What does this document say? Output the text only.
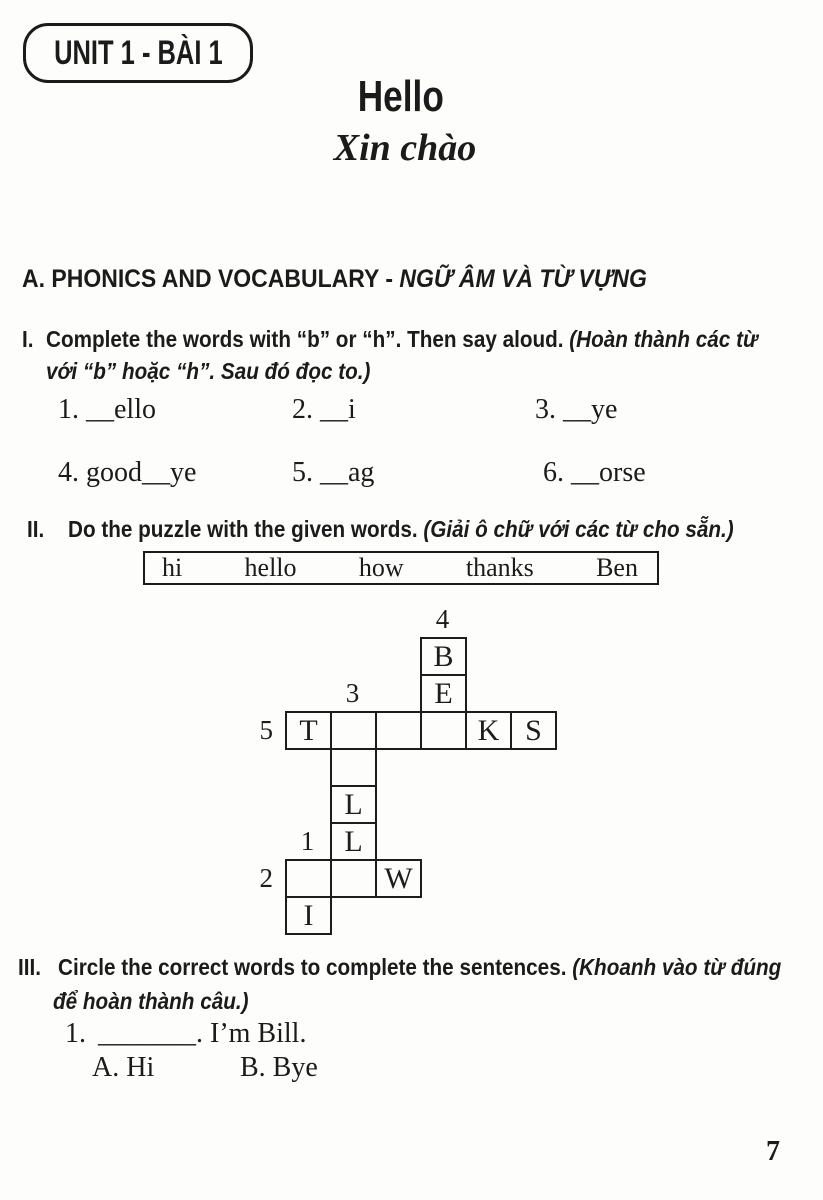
UNIT 1 - BÀI 1
Hello
Xin chào
A. PHONICS AND VOCABULARY - NGỮ ÂM VÀ TỪ VỰNG
I. Complete the words with “b” or “h”. Then say aloud. (Hoàn thành các từ
với “b” hoặc “h”. Sau đó đọc to.)
1. __ello	2. __i	3. __ye
4. good__ye	5. __ag	6. __orse
II. Do the puzzle with the given words. (Giải ô chữ với các từ cho sẵn.)
hi hello how thanks Ben
B
E
T	K S
L
L
W
I
4
3
5
1
2
III. Circle the correct words to complete the sentences. (Khoanh vào từ đúng
để hoàn thành câu.)
1. _______. I’m Bill.
A. Hi	B. Bye
7
